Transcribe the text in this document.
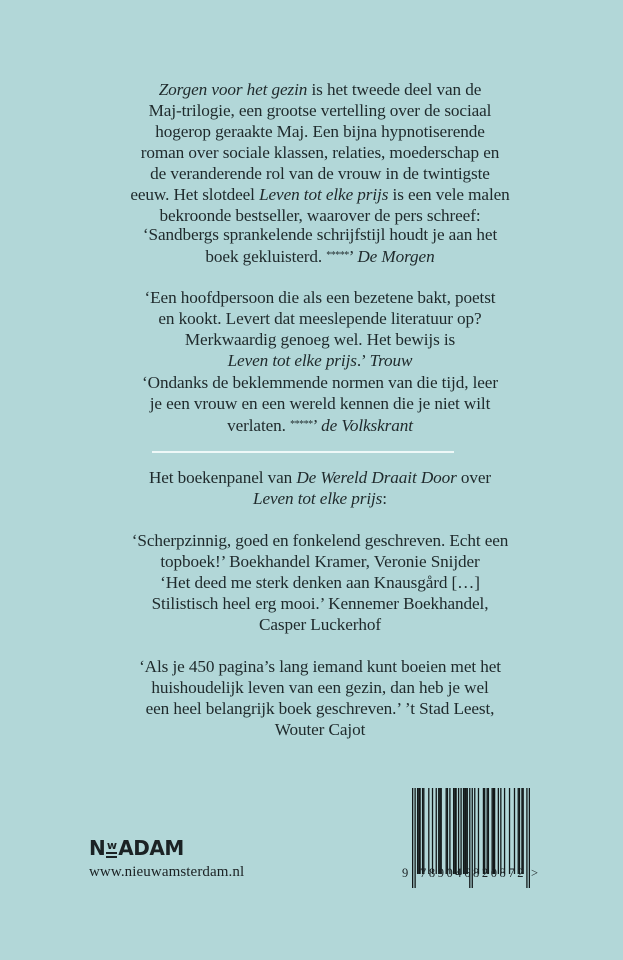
Zorgen voor het gezin is het tweede deel van de
Maj-trilogie, een grootse vertelling over de sociaal
hogerop geraakte Maj. Een bijna hypnotiserende
roman over sociale klassen, relaties, moederschap en
de veranderende rol van de vrouw in de twintigste
eeuw. Het slotdeel Leven tot elke prijs is een vele malen
bekroonde bestseller, waarover de pers schreef:
‘Sandbergs sprankelende schrijfstijl houdt je aan het
boek gekluisterd. *****’ De Morgen
‘Een hoofdpersoon die als een bezetene bakt, poetst
en kookt. Levert dat meeslepende literatuur op?
Merkwaardig genoeg wel. Het bewijs is
Leven tot elke prijs.’ Trouw
‘Ondanks de beklemmende normen van die tijd, leer
je een vrouw en een wereld kennen die je niet wilt
verlaten. *****’ de Volkskrant
Het boekenpanel van De Wereld Draait Door over
Leven tot elke prijs:
‘Scherpzinnig, goed en fonkelend geschreven. Echt een
topboek!’ Boekhandel Kramer, Veronie Snijder
‘Het deed me sterk denken aan Knausgård […]
Stilistisch heel erg mooi.’ Kennemer Boekhandel,
Casper Luckerhof
‘Als je 450 pagina’s lang iemand kunt boeien met het
huishoudelijk leven van een gezin, dan heb je wel
een heel belangrijk boek geschreven.’ ’t Stad Leest,
Wouter Cajot
N w A DAM
www.nieuwamsterdam.nl	9 789046 820872 >
